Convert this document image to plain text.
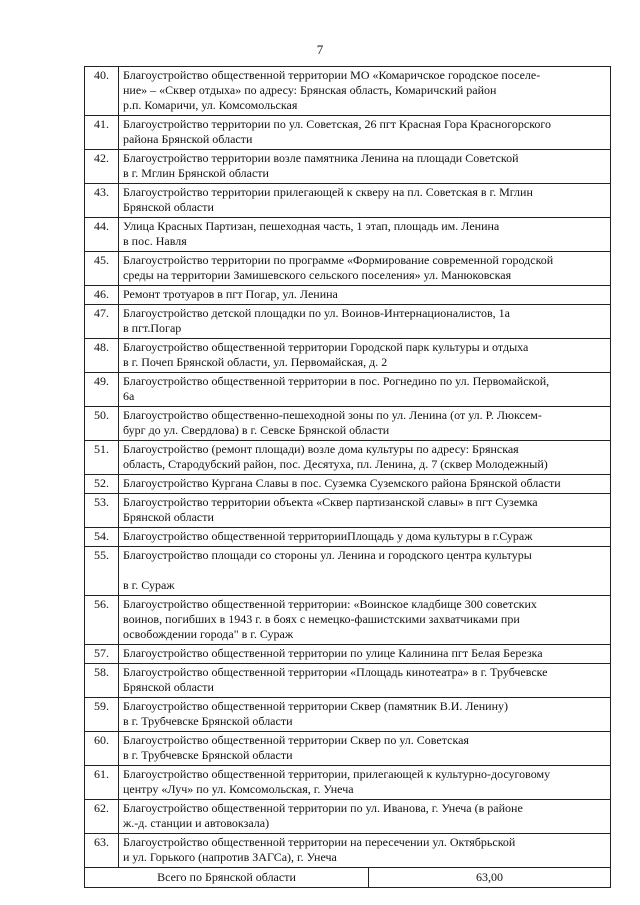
7
40.	Благоустройство общественной территории МО «Комаричское городское поселе-
ние» – «Сквер отдыха» по адресу: Брянская область, Комаричский район
р.п. Комаричи, ул. Комсомольская	

41.	Благоустройство территории по ул. Советская, 26 пгт Красная Гора Красногорского
района Брянской области	

42.	Благоустройство территории возле памятника Ленина на площади Советской
в г. Мглин Брянской области	

43.	Благоустройство территории прилегающей к скверу на пл. Советская в г. Мглин
Брянской области	

44.	Улица Красных Партизан, пешеходная часть, 1 этап, площадь им. Ленина
в пос. Навля	

45.	Благоустройство территории по программе «Формирование современной городской
среды на территории Замишевского сельского поселения» ул. Манюковская	

46.	Ремонт тротуаров в пгт Погар, ул. Ленина	

47.	Благоустройство детской площадки по ул. Воинов-Интернационалистов, 1а
в пгт.Погар	

48.	Благоустройство общественной территории Городской парк культуры и отдыха
в г. Почеп Брянской области, ул. Первомайская, д. 2	

49.	Благоустройство общественной территории в пос. Рогнедино по ул. Первомайской,
6а	

50.	Благоустройство общественно-пешеходной зоны по ул. Ленина (от ул. Р. Люксем-
бург до ул. Свердлова) в г. Севске Брянской области	

51.	Благоустройство (ремонт площади) возле дома культуры по адресу: Брянская
область, Стародубский район, пос. Десятуха, пл. Ленина, д. 7 (сквер Молодежный)	

52.	Благоустройство Кургана Славы в пос. Суземка Суземского района Брянской области	

53.	Благоустройство территории объекта «Сквер партизанской славы» в пгт Суземка
Брянской области	

54.	Благоустройство общественной территорииПлощадь у дома культуры в г.Сураж	

55.	Благоустройство площади со стороны ул. Ленина и городского центра культуры

в г. Сураж	

56.	Благоустройство общественной территории: «Воинское кладбище 300 советских
воинов, погибших в 1943 г. в боях с немецко-фашистскими захватчиками при
освобождении города" в г. Сураж	

57.	Благоустройство общественной территории по улице Калинина пгт Белая Березка	

58.	Благоустройство общественной территории «Площадь кинотеатра» в г. Трубчевске
Брянской области	

59.	Благоустройство общественной территории Сквер (памятник В.И. Ленину)
в г. Трубчевске Брянской области	

60.	Благоустройство общественной территории Сквер по ул. Советская
в г. Трубчевске Брянской области	

61.	Благоустройство общественной территории, прилегающей к культурно-досуговому
центру «Луч» по ул. Комсомольская, г. Унеча	

62.	Благоустройство общественной территории по ул. Иванова, г. Унеча (в районе
ж.-д. станции и автовокзала)	

63.	Благоустройство общественной территории на пересечении ул. Октябрьской
и ул. Горького (напротив ЗАГСа), г. Унеча	

Всего по Брянской области		63,00
